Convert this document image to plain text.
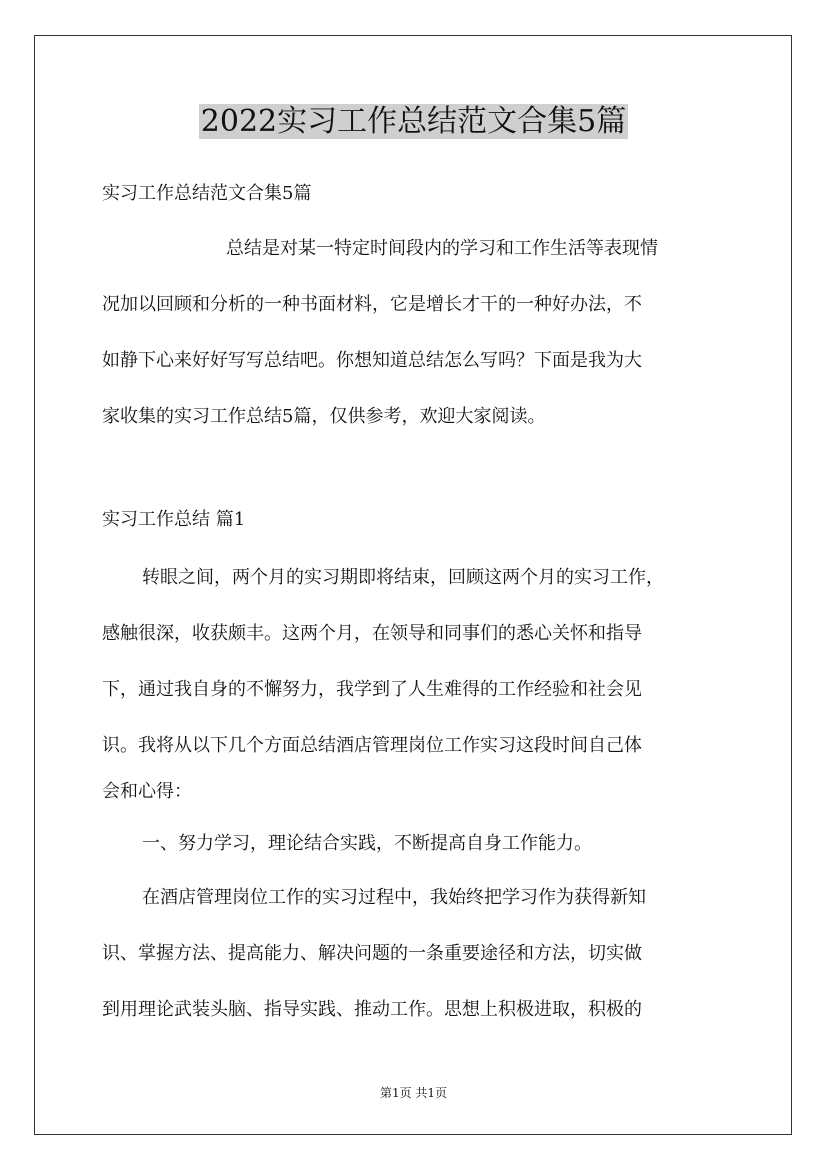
2022实习工作总结范文合集5篇
实习工作总结范文合集5篇
总结是对某一特定时间段内的学习和工作生活等表现情
况加以回顾和分析的一种书面材料，它是增长才干的一种好办法，不
如静下心来好好写写总结吧。你想知道总结怎么写吗？下面是我为大
家收集的实习工作总结5篇，仅供参考，欢迎大家阅读。
实习工作总结 篇1
转眼之间，两个月的实习期即将结束，回顾这两个月的实习工作，
感触很深，收获颇丰。这两个月，在领导和同事们的悉心关怀和指导
下，通过我自身的不懈努力，我学到了人生难得的工作经验和社会见
识。我将从以下几个方面总结酒店管理岗位工作实习这段时间自己体
会和心得：
一、努力学习，理论结合实践，不断提高自身工作能力。
在酒店管理岗位工作的实习过程中，我始终把学习作为获得新知
识、掌握方法、提高能力、解决问题的一条重要途径和方法，切实做
到用理论武装头脑、指导实践、推动工作。思想上积极进取，积极的
第1页 共1页
